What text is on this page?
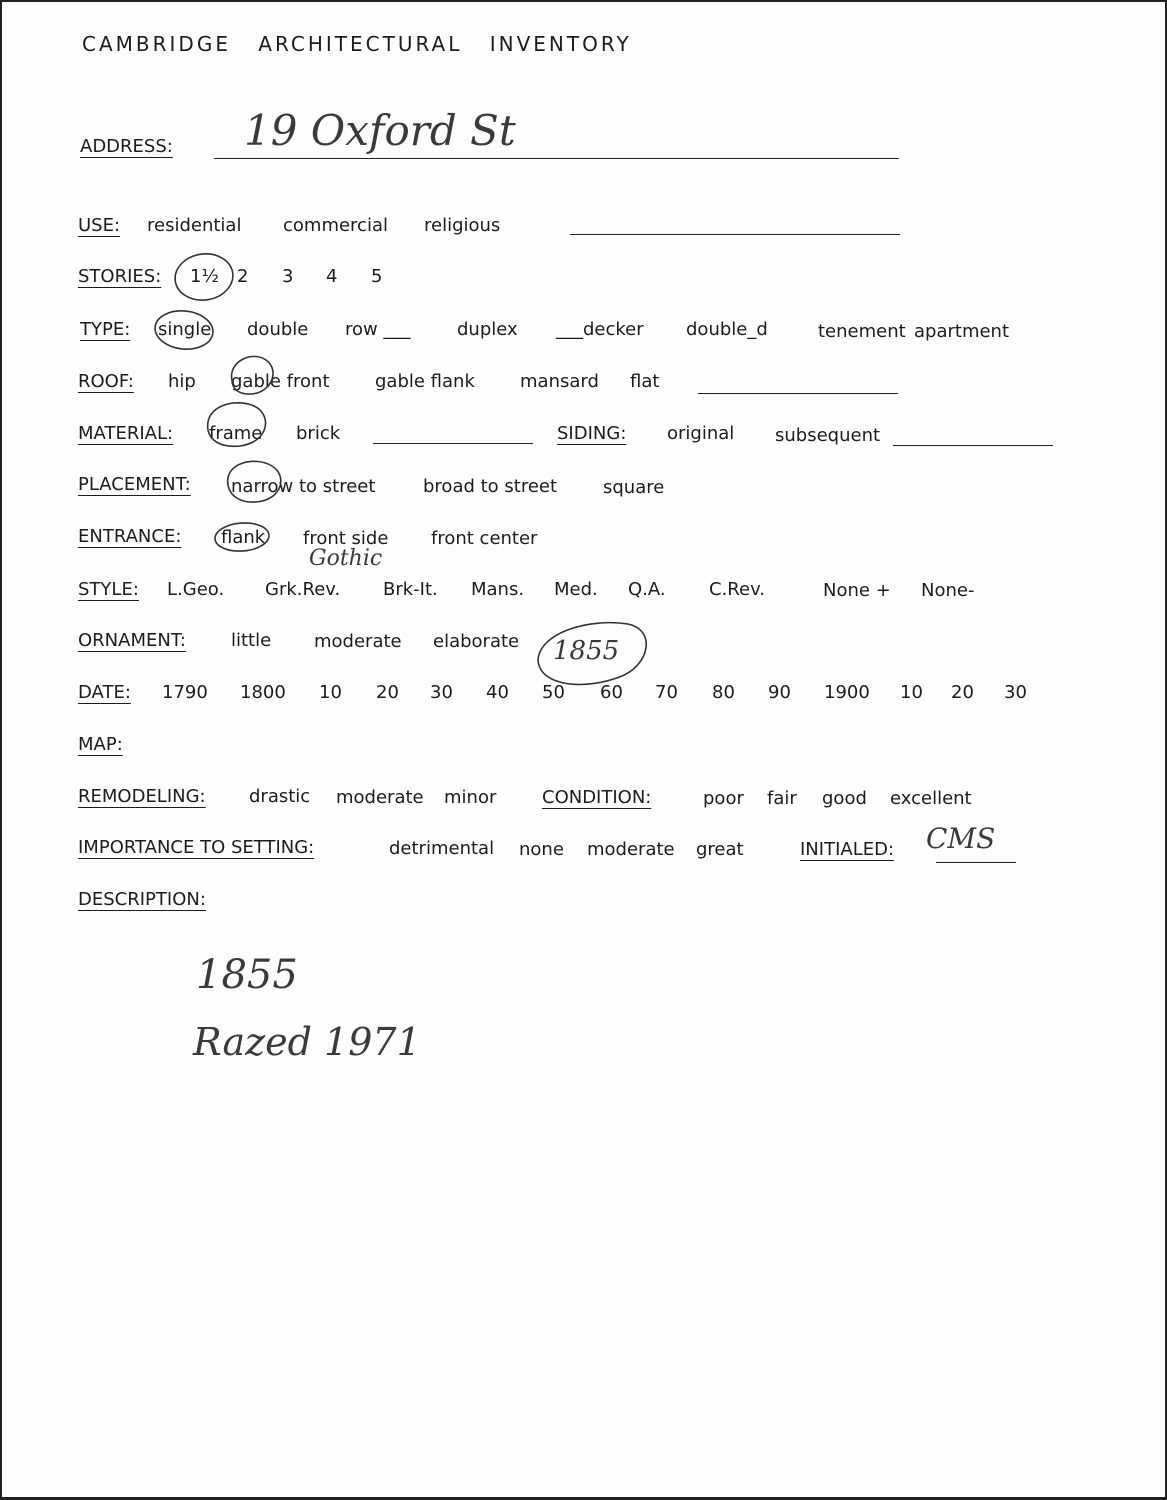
CAMBRIDGE ARCHITECTURAL INVENTORY
ADDRESS: 19 Oxford St
USE: residential commercial religious
STORIES: 1½ 2 3 4 5
TYPE: single double row ___	duplex ___decker double_d	tenement apartment
ROOF: hip gable front	gable flank	mansard flat
MATERIAL: frame brick	SIDING: original subsequent
PLACEMENT: narrow to street	broad to street	square
ENTRANCE: flank front side front center
Gothic
STYLE: L.Geo. Grk.Rev. Brk-It. Mans. Med. Q.A. C.Rev.	None + None-
ORNAMENT:	little moderate elaborate 1855
DATE: 1790 1800 10 20 30 40 50 60 70 80 90 1900 10 20 30
MAP:
REMODELING: drastic moderate minor	CONDITION:	poor fair good excellent
IMPORTANCE TO SETTING:	detrimental none moderate great	INITIALED: CMS
DESCRIPTION:
1855
Razed 1971
